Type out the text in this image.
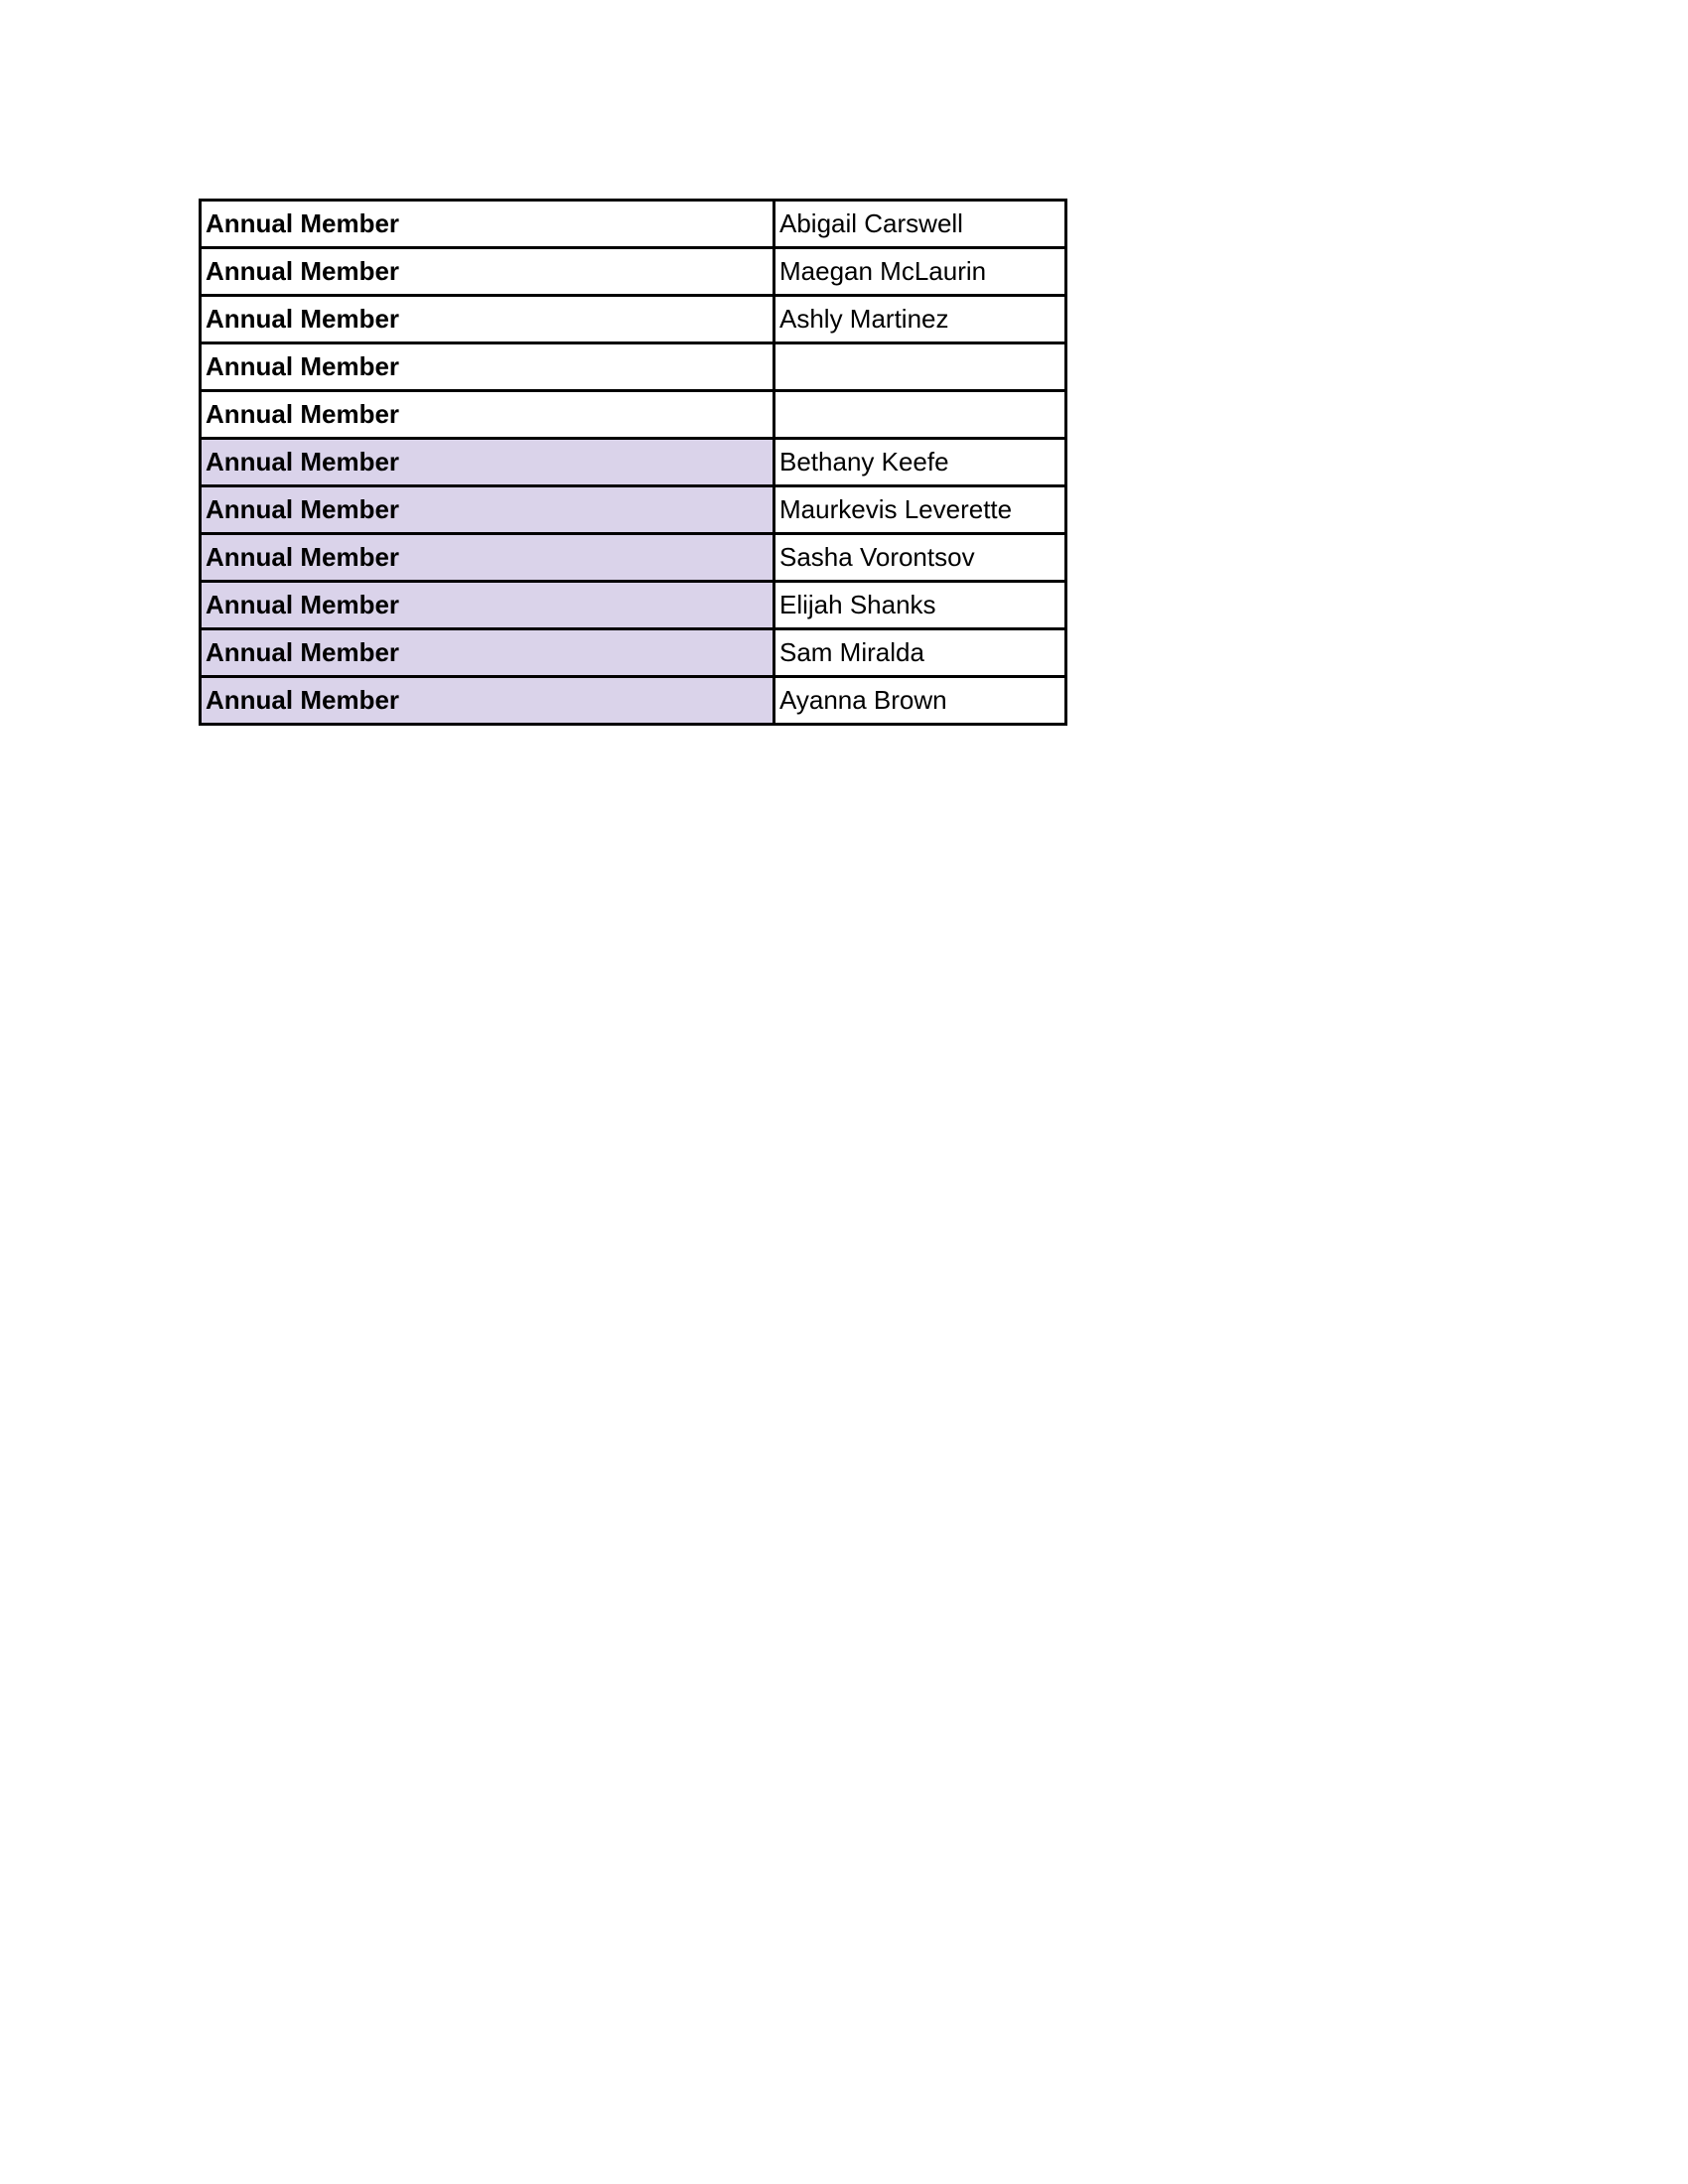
Annual Member	Abigail Carswell
Annual Member	Maegan McLaurin
Annual Member	Ashly Martinez
Annual Member	
Annual Member	
Annual Member	Bethany Keefe
Annual Member	Maurkevis Leverette
Annual Member	Sasha Vorontsov
Annual Member	Elijah Shanks
Annual Member	Sam Miralda
Annual Member	Ayanna Brown
